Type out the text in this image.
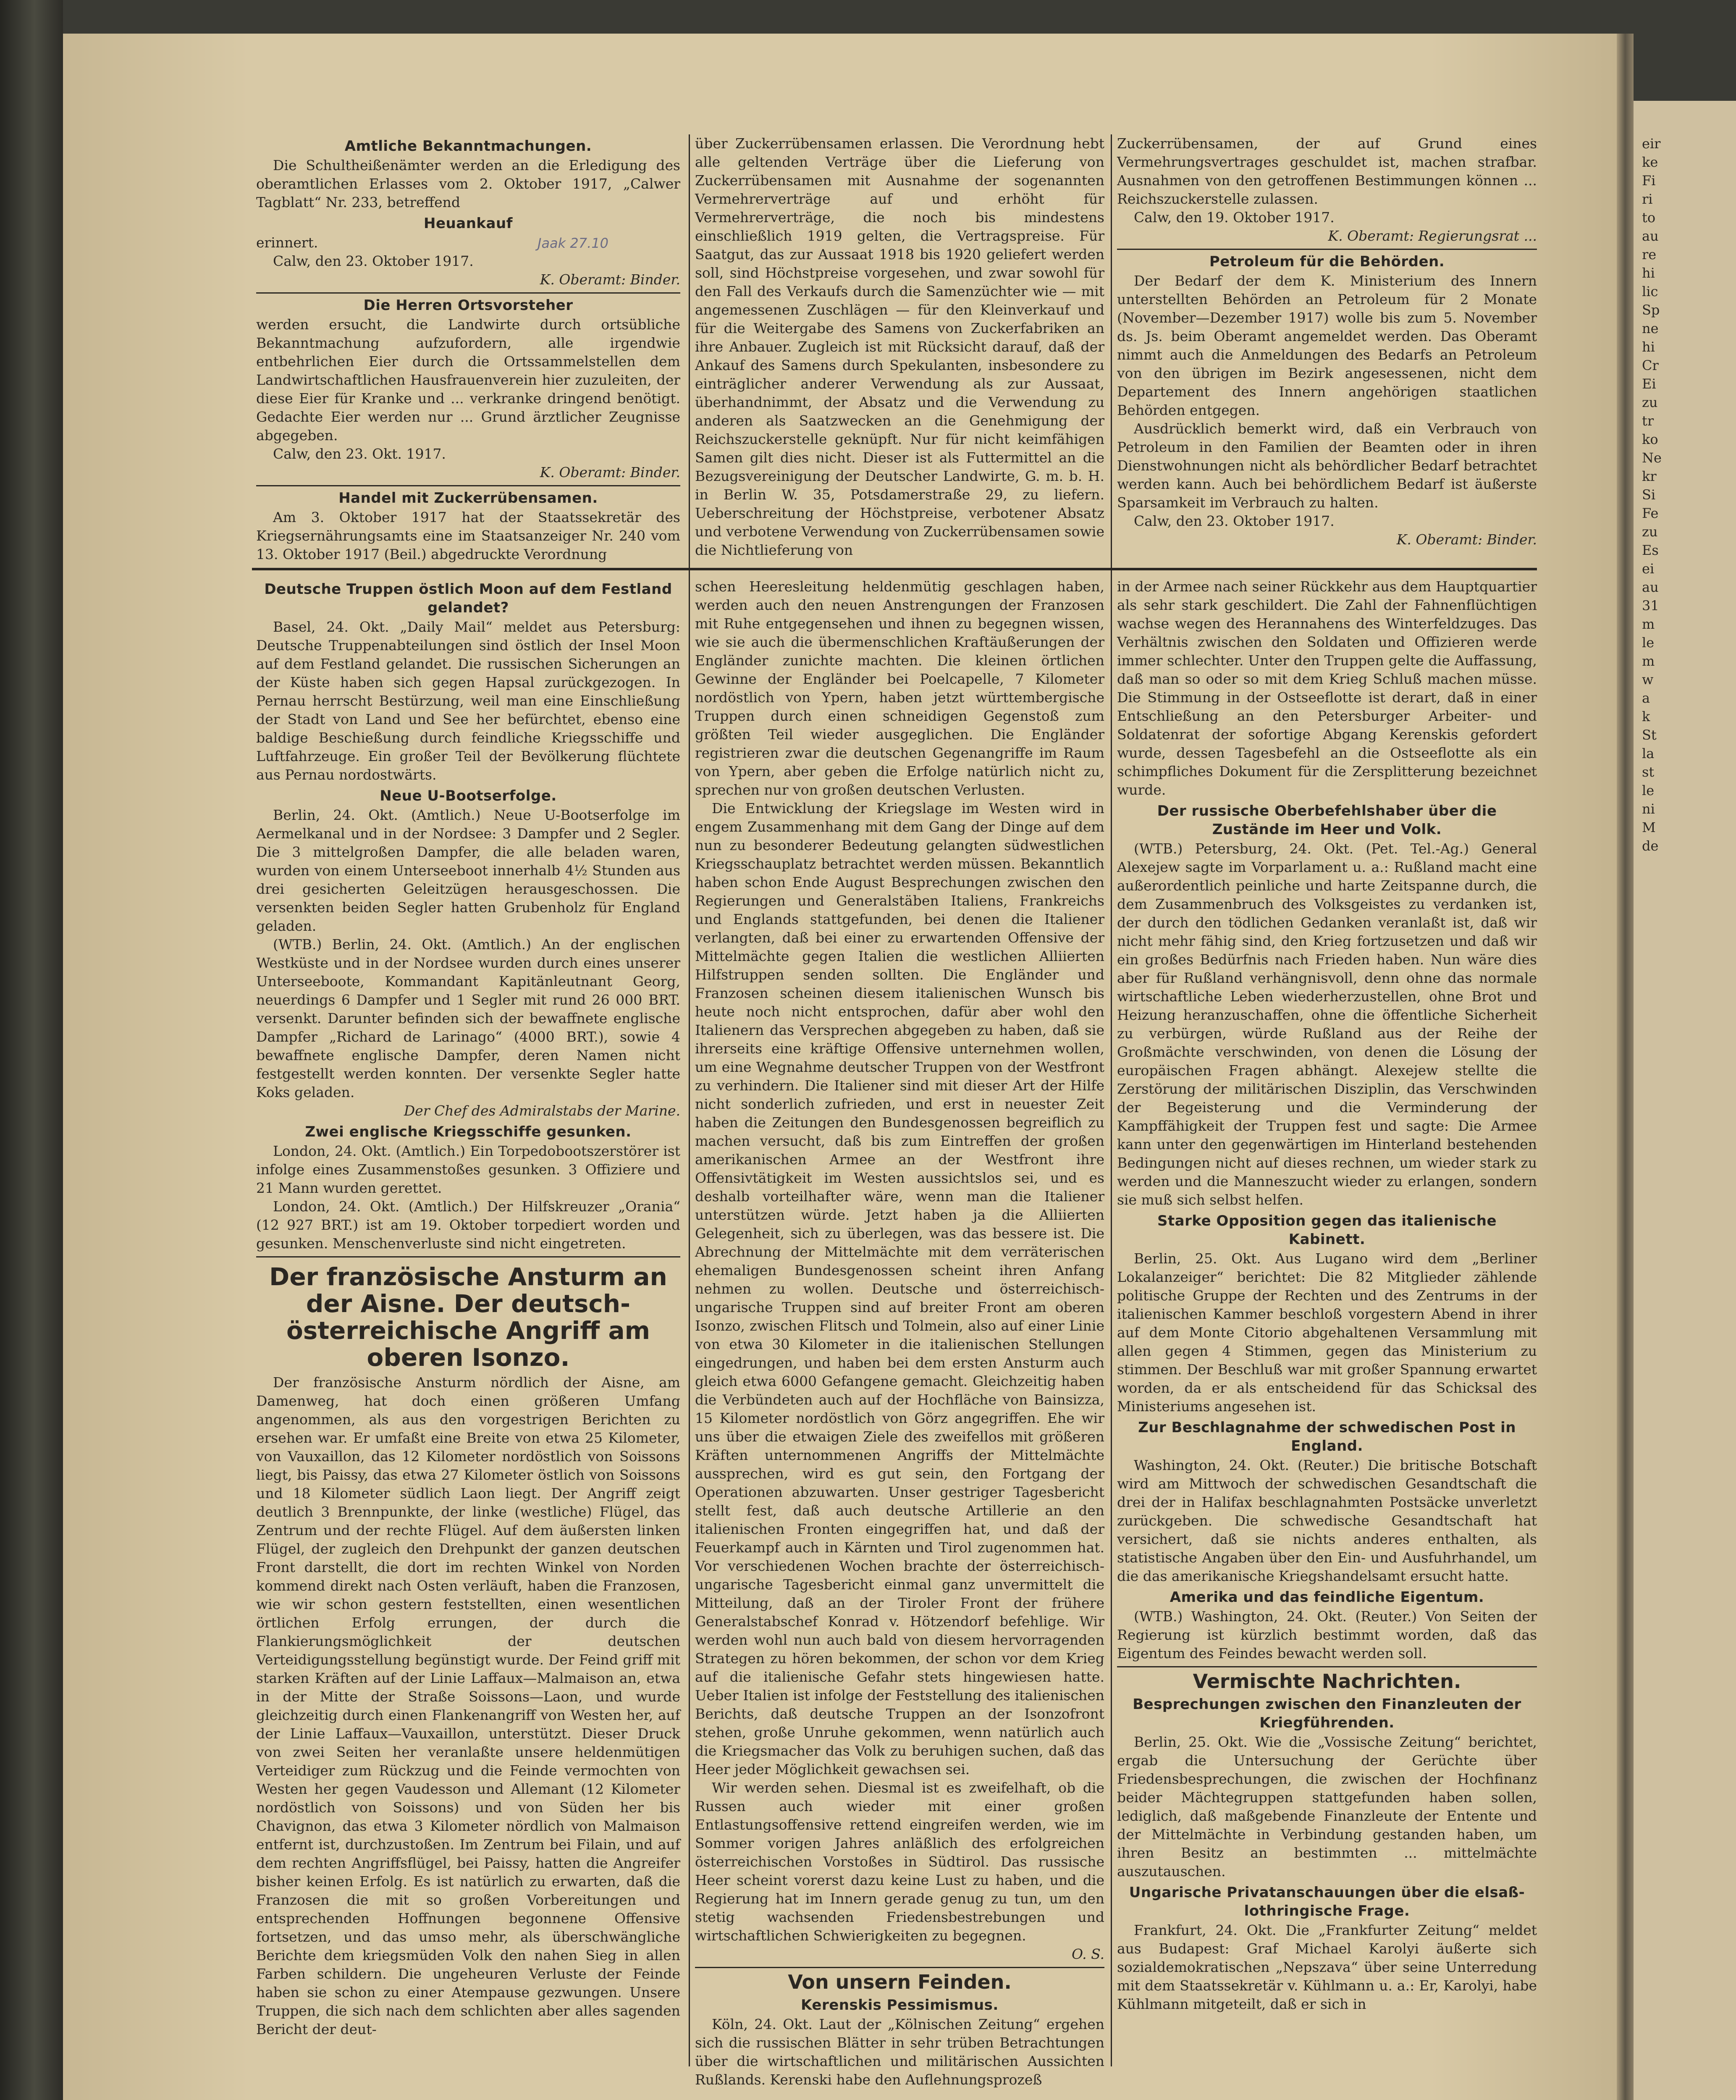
eir

ke

Fi

ri

to

au

re

hi

lic

Sp

ne

hi

Cr

Ei

zu

tr

ko

Ne

kr

Si

Fe

zu

Es

ei

au

31

m

le

m

w

a

k

St

la

st

le

ni

M

de

Jaak 27.10
Amtliche Bekanntmachungen.

Die Schultheißenämter werden an die Erledigung des oberamtlichen Erlasses vom 2. Oktober 1917, „Calwer Tagblatt“ Nr. 233, betreffend

Heuankauf

erinnert.

Calw, den 23. Oktober 1917.

K. Oberamt: Binder.

Die Herren Ortsvorsteher

werden ersucht, die Landwirte durch ortsübliche Bekanntmachung aufzufordern, alle irgendwie entbehrlichen Eier durch die Ortssammelstellen dem Landwirtschaftlichen Hausfrauenverein hier zuzuleiten, der diese Eier für Kranke und ... verkranke dringend benötigt. Gedachte Eier werden nur ... Grund ärztlicher Zeugnisse abgegeben.

Calw, den 23. Okt. 1917.

K. Oberamt: Binder.

Handel mit Zuckerrübensamen.

Am 3. Oktober 1917 hat der Staatssekretär des Kriegsernährungsamts eine im Staatsanzeiger Nr. 240 vom 13. Oktober 1917 (Beil.) abgedruckte Verordnung

über Zuckerrübensamen erlassen. Die Verordnung hebt alle geltenden Verträge über die Lieferung von Zuckerrübensamen mit Ausnahme der sogenannten Vermehrerverträge auf und erhöht für Vermehrerverträge, die noch bis mindestens einschließlich 1919 gelten, die Vertragspreise. Für Saatgut, das zur Aussaat 1918 bis 1920 geliefert werden soll, sind Höchstpreise vorgesehen, und zwar sowohl für den Fall des Verkaufs durch die Samenzüchter wie — mit angemessenen Zuschlägen — für den Kleinverkauf und für die Weitergabe des Samens von Zuckerfabriken an ihre Anbauer. Zugleich ist mit Rücksicht darauf, daß der Ankauf des Samens durch Spekulanten, insbesondere zu einträglicher anderer Verwendung als zur Aussaat, überhandnimmt, der Absatz und die Verwendung zu anderen als Saatzwecken an die Genehmigung der Reichszuckerstelle geknüpft. Nur für nicht keimfähigen Samen gilt dies nicht. Dieser ist als Futtermittel an die Bezugsvereinigung der Deutscher Landwirte, G. m. b. H. in Berlin W. 35, Potsdamerstraße 29, zu liefern. Ueberschreitung der Höchstpreise, verbotener Absatz und verbotene Verwendung von Zuckerrübensamen sowie die Nichtlieferung von

Zuckerrübensamen, der auf Grund eines Vermehrungsvertrages geschuldet ist, machen strafbar. Ausnahmen von den getroffenen Bestimmungen können ... Reichszuckerstelle zulassen.

Calw, den 19. Oktober 1917.

K. Oberamt: Regierungsrat ...

Petroleum für die Behörden.

Der Bedarf der dem K. Ministerium des Innern unterstellten Behörden an Petroleum für 2 Monate (November—Dezember 1917) wolle bis zum 5. November ds. Js. beim Oberamt angemeldet werden. Das Oberamt nimmt auch die Anmeldungen des Bedarfs an Petroleum von den übrigen im Bezirk angesessenen, nicht dem Departement des Innern angehörigen staatlichen Behörden entgegen.

Ausdrücklich bemerkt wird, daß ein Verbrauch von Petroleum in den Familien der Beamten oder in ihren Dienstwohnungen nicht als behördlicher Bedarf betrachtet werden kann. Auch bei behördlichem Bedarf ist äußerste Sparsamkeit im Verbrauch zu halten.

Calw, den 23. Oktober 1917.

K. Oberamt: Binder.

Deutsche Truppen östlich Moon auf dem Festland gelandet?

Basel, 24. Okt. „Daily Mail“ meldet aus Petersburg: Deutsche Truppenabteilungen sind östlich der Insel Moon auf dem Festland gelandet. Die russischen Sicherungen an der Küste haben sich gegen Hapsal zurückgezogen. In Pernau herrscht Bestürzung, weil man eine Einschließung der Stadt von Land und See her befürchtet, ebenso eine baldige Beschießung durch feindliche Kriegsschiffe und Luftfahrzeuge. Ein großer Teil der Bevölkerung flüchtete aus Pernau nordostwärts.

Neue U-Bootserfolge.

Berlin, 24. Okt. (Amtlich.) Neue U-Bootserfolge im Aermelkanal und in der Nordsee: 3 Dampfer und 2 Segler. Die 3 mittelgroßen Dampfer, die alle beladen waren, wurden von einem Unterseeboot innerhalb 4½ Stunden aus drei gesicherten Geleitzügen herausgeschossen. Die versenkten beiden Segler hatten Grubenholz für England geladen.

(WTB.) Berlin, 24. Okt. (Amtlich.) An der englischen Westküste und in der Nordsee wurden durch eines unserer Unterseeboote, Kommandant Kapitänleutnant Georg, neuerdings 6 Dampfer und 1 Segler mit rund 26 000 BRT. versenkt. Darunter befinden sich der bewaffnete englische Dampfer „Richard de Larinago“ (4000 BRT.), sowie 4 bewaffnete englische Dampfer, deren Namen nicht festgestellt werden konnten. Der versenkte Segler hatte Koks geladen.

Der Chef des Admiralstabs der Marine.

Zwei englische Kriegsschiffe gesunken.

London, 24. Okt. (Amtlich.) Ein Torpedobootszerstörer ist infolge eines Zusammenstoßes gesunken. 3 Offiziere und 21 Mann wurden gerettet.

London, 24. Okt. (Amtlich.) Der Hilfskreuzer „Orania“ (12 927 BRT.) ist am 19. Oktober torpediert worden und gesunken. Menschenverluste sind nicht eingetreten.

Der französische Ansturm an der Aisne. Der deutsch-österreichische Angriff am oberen Isonzo.

Der französische Ansturm nördlich der Aisne, am Damenweg, hat doch einen größeren Umfang angenommen, als aus den vorgestrigen Berichten zu ersehen war. Er umfaßt eine Breite von etwa 25 Kilometer, von Vauxaillon, das 12 Kilometer nordöstlich von Soissons liegt, bis Paissy, das etwa 27 Kilometer östlich von Soissons und 18 Kilometer südlich Laon liegt. Der Angriff zeigt deutlich 3 Brennpunkte, der linke (westliche) Flügel, das Zentrum und der rechte Flügel. Auf dem äußersten linken Flügel, der zugleich den Drehpunkt der ganzen deutschen Front darstellt, die dort im rechten Winkel von Norden kommend direkt nach Osten verläuft, haben die Franzosen, wie wir schon gestern feststellten, einen wesentlichen örtlichen Erfolg errungen, der durch die Flankierungsmöglichkeit der deutschen Verteidigungsstellung begünstigt wurde. Der Feind griff mit starken Kräften auf der Linie Laffaux—Malmaison an, etwa in der Mitte der Straße Soissons—Laon, und wurde gleichzeitig durch einen Flankenangriff von Westen her, auf der Linie Laffaux—Vauxaillon, unterstützt. Dieser Druck von zwei Seiten her veranlaßte unsere heldenmütigen Verteidiger zum Rückzug und die Feinde vermochten von Westen her gegen Vaudesson und Allemant (12 Kilometer nordöstlich von Soissons) und von Süden her bis Chavignon, das etwa 3 Kilometer nördlich von Malmaison entfernt ist, durchzustoßen. Im Zentrum bei Filain, und auf dem rechten Angriffsflügel, bei Paissy, hatten die Angreifer bisher keinen Erfolg. Es ist natürlich zu erwarten, daß die Franzosen die mit so großen Vorbereitungen und entsprechenden Hoffnungen begonnene Offensive fortsetzen, und das umso mehr, als überschwängliche Berichte dem kriegsmüden Volk den nahen Sieg in allen Farben schildern. Die ungeheuren Verluste der Feinde haben sie schon zu einer Atempause gezwungen. Unsere Truppen, die sich nach dem schlichten aber alles sagenden Bericht der deut-

schen Heeresleitung heldenmütig geschlagen haben, werden auch den neuen Anstrengungen der Franzosen mit Ruhe entgegensehen und ihnen zu begegnen wissen, wie sie auch die übermenschlichen Kraftäußerungen der Engländer zunichte machten. Die kleinen örtlichen Gewinne der Engländer bei Poelcapelle, 7 Kilometer nordöstlich von Ypern, haben jetzt württembergische Truppen durch einen schneidigen Gegenstoß zum größten Teil wieder ausgeglichen. Die Engländer registrieren zwar die deutschen Gegenangriffe im Raum von Ypern, aber geben die Erfolge natürlich nicht zu, sprechen nur von großen deutschen Verlusten.

Die Entwicklung der Kriegslage im Westen wird in engem Zusammenhang mit dem Gang der Dinge auf dem nun zu besonderer Bedeutung gelangten südwestlichen Kriegsschauplatz betrachtet werden müssen. Bekanntlich haben schon Ende August Besprechungen zwischen den Regierungen und Generalstäben Italiens, Frankreichs und Englands stattgefunden, bei denen die Italiener verlangten, daß bei einer zu erwartenden Offensive der Mittelmächte gegen Italien die westlichen Alliierten Hilfstruppen senden sollten. Die Engländer und Franzosen scheinen diesem italienischen Wunsch bis heute noch nicht entsprochen, dafür aber wohl den Italienern das Versprechen abgegeben zu haben, daß sie ihrerseits eine kräftige Offensive unternehmen wollen, um eine Wegnahme deutscher Truppen von der Westfront zu verhindern. Die Italiener sind mit dieser Art der Hilfe nicht sonderlich zufrieden, und erst in neuester Zeit haben die Zeitungen den Bundesgenossen begreiflich zu machen versucht, daß bis zum Eintreffen der großen amerikanischen Armee an der Westfront ihre Offensivtätigkeit im Westen aussichtslos sei, und es deshalb vorteilhafter wäre, wenn man die Italiener unterstützen würde. Jetzt haben ja die Alliierten Gelegenheit, sich zu überlegen, was das bessere ist. Die Abrechnung der Mittelmächte mit dem verräterischen ehemaligen Bundesgenossen scheint ihren Anfang nehmen zu wollen. Deutsche und österreichisch-ungarische Truppen sind auf breiter Front am oberen Isonzo, zwischen Flitsch und Tolmein, also auf einer Linie von etwa 30 Kilometer in die italienischen Stellungen eingedrungen, und haben bei dem ersten Ansturm auch gleich etwa 6000 Gefangene gemacht. Gleichzeitig haben die Verbündeten auch auf der Hochfläche von Bainsizza, 15 Kilometer nordöstlich von Görz angegriffen. Ehe wir uns über die etwaigen Ziele des zweifellos mit größeren Kräften unternommenen Angriffs der Mittelmächte aussprechen, wird es gut sein, den Fortgang der Operationen abzuwarten. Unser gestriger Tagesbericht stellt fest, daß auch deutsche Artillerie an den italienischen Fronten eingegriffen hat, und daß der Feuerkampf auch in Kärnten und Tirol zugenommen hat. Vor verschiedenen Wochen brachte der österreichisch-ungarische Tagesbericht einmal ganz unvermittelt die Mitteilung, daß an der Tiroler Front der frühere Generalstabschef Konrad v. Hötzendorf befehlige. Wir werden wohl nun auch bald von diesem hervorragenden Strategen zu hören bekommen, der schon vor dem Krieg auf die italienische Gefahr stets hingewiesen hatte. Ueber Italien ist infolge der Feststellung des italienischen Berichts, daß deutsche Truppen an der Isonzofront stehen, große Unruhe gekommen, wenn natürlich auch die Kriegsmacher das Volk zu beruhigen suchen, daß das Heer jeder Möglichkeit gewachsen sei.

Wir werden sehen. Diesmal ist es zweifelhaft, ob die Russen auch wieder mit einer großen Entlastungsoffensive rettend eingreifen werden, wie im Sommer vorigen Jahres anläßlich des erfolgreichen österreichischen Vorstoßes in Südtirol. Das russische Heer scheint vorerst dazu keine Lust zu haben, und die Regierung hat im Innern gerade genug zu tun, um den stetig wachsenden Friedensbestrebungen und wirtschaftlichen Schwierigkeiten zu begegnen.

O. S.

Von unsern Feinden.
Kerenskis Pessimismus.

Köln, 24. Okt. Laut der „Kölnischen Zeitung“ ergehen sich die russischen Blätter in sehr trüben Betrachtungen über die wirtschaftlichen und militärischen Aussichten Rußlands. Kerenski habe den Auflehnungsprozeß

in der Armee nach seiner Rückkehr aus dem Hauptquartier als sehr stark geschildert. Die Zahl der Fahnenflüchtigen wachse wegen des Herannahens des Winterfeldzuges. Das Verhältnis zwischen den Soldaten und Offizieren werde immer schlechter. Unter den Truppen gelte die Auffassung, daß man so oder so mit dem Krieg Schluß machen müsse. Die Stimmung in der Ostseeflotte ist derart, daß in einer Entschließung an den Petersburger Arbeiter- und Soldatenrat der sofortige Abgang Kerenskis gefordert wurde, dessen Tagesbefehl an die Ostseeflotte als ein schimpfliches Dokument für die Zersplitterung bezeichnet wurde.

Der russische Oberbefehlshaber über die Zustände im Heer und Volk.

(WTB.) Petersburg, 24. Okt. (Pet. Tel.-Ag.) General Alexejew sagte im Vorparlament u. a.: Rußland macht eine außerordentlich peinliche und harte Zeitspanne durch, die dem Zusammenbruch des Volksgeistes zu verdanken ist, der durch den tödlichen Gedanken veranlaßt ist, daß wir nicht mehr fähig sind, den Krieg fortzusetzen und daß wir ein großes Bedürfnis nach Frieden haben. Nun wäre dies aber für Rußland verhängnisvoll, denn ohne das normale wirtschaftliche Leben wiederherzustellen, ohne Brot und Heizung heranzuschaffen, ohne die öffentliche Sicherheit zu verbürgen, würde Rußland aus der Reihe der Großmächte verschwinden, von denen die Lösung der europäischen Fragen abhängt. Alexejew stellte die Zerstörung der militärischen Disziplin, das Verschwinden der Begeisterung und die Verminderung der Kampffähigkeit der Truppen fest und sagte: Die Armee kann unter den gegenwärtigen im Hinterland bestehenden Bedingungen nicht auf dieses rechnen, um wieder stark zu werden und die Manneszucht wieder zu erlangen, sondern sie muß sich selbst helfen.

Starke Opposition gegen das italienische Kabinett.

Berlin, 25. Okt. Aus Lugano wird dem „Berliner Lokalanzeiger“ berichtet: Die 82 Mitglieder zählende politische Gruppe der Rechten und des Zentrums in der italienischen Kammer beschloß vorgestern Abend in ihrer auf dem Monte Citorio abgehaltenen Versammlung mit allen gegen 4 Stimmen, gegen das Ministerium zu stimmen. Der Beschluß war mit großer Spannung erwartet worden, da er als entscheidend für das Schicksal des Ministeriums angesehen ist.

Zur Beschlagnahme der schwedischen Post in England.

Washington, 24. Okt. (Reuter.) Die britische Botschaft wird am Mittwoch der schwedischen Gesandtschaft die drei der in Halifax beschlagnahmten Postsäcke unverletzt zurückgeben. Die schwedische Gesandtschaft hat versichert, daß sie nichts anderes enthalten, als statistische Angaben über den Ein- und Ausfuhrhandel, um die das amerikanische Kriegshandelsamt ersucht hatte.

Amerika und das feindliche Eigentum.

(WTB.) Washington, 24. Okt. (Reuter.) Von Seiten der Regierung ist kürzlich bestimmt worden, daß das Eigentum des Feindes bewacht werden soll.

Vermischte Nachrichten.
Besprechungen zwischen den Finanzleuten der Kriegführenden.

Berlin, 25. Okt. Wie die „Vossische Zeitung“ berichtet, ergab die Untersuchung der Gerüchte über Friedensbesprechungen, die zwischen der Hochfinanz beider Mächtegruppen stattgefunden haben sollen, lediglich, daß maßgebende Finanzleute der Entente und der Mittelmächte in Verbindung gestanden haben, um ihren Besitz an bestimmten ... mittelmächte auszutauschen.

Ungarische Privatanschauungen über die elsaß-lothringische Frage.

Frankfurt, 24. Okt. Die „Frankfurter Zeitung“ meldet aus Budapest: Graf Michael Karolyi äußerte sich sozialdemokratischen „Nepszava“ über seine Unterredung mit dem Staatssekretär v. Kühlmann u. a.: Er, Karolyi, habe Kühlmann mitgeteilt, daß er sich in
